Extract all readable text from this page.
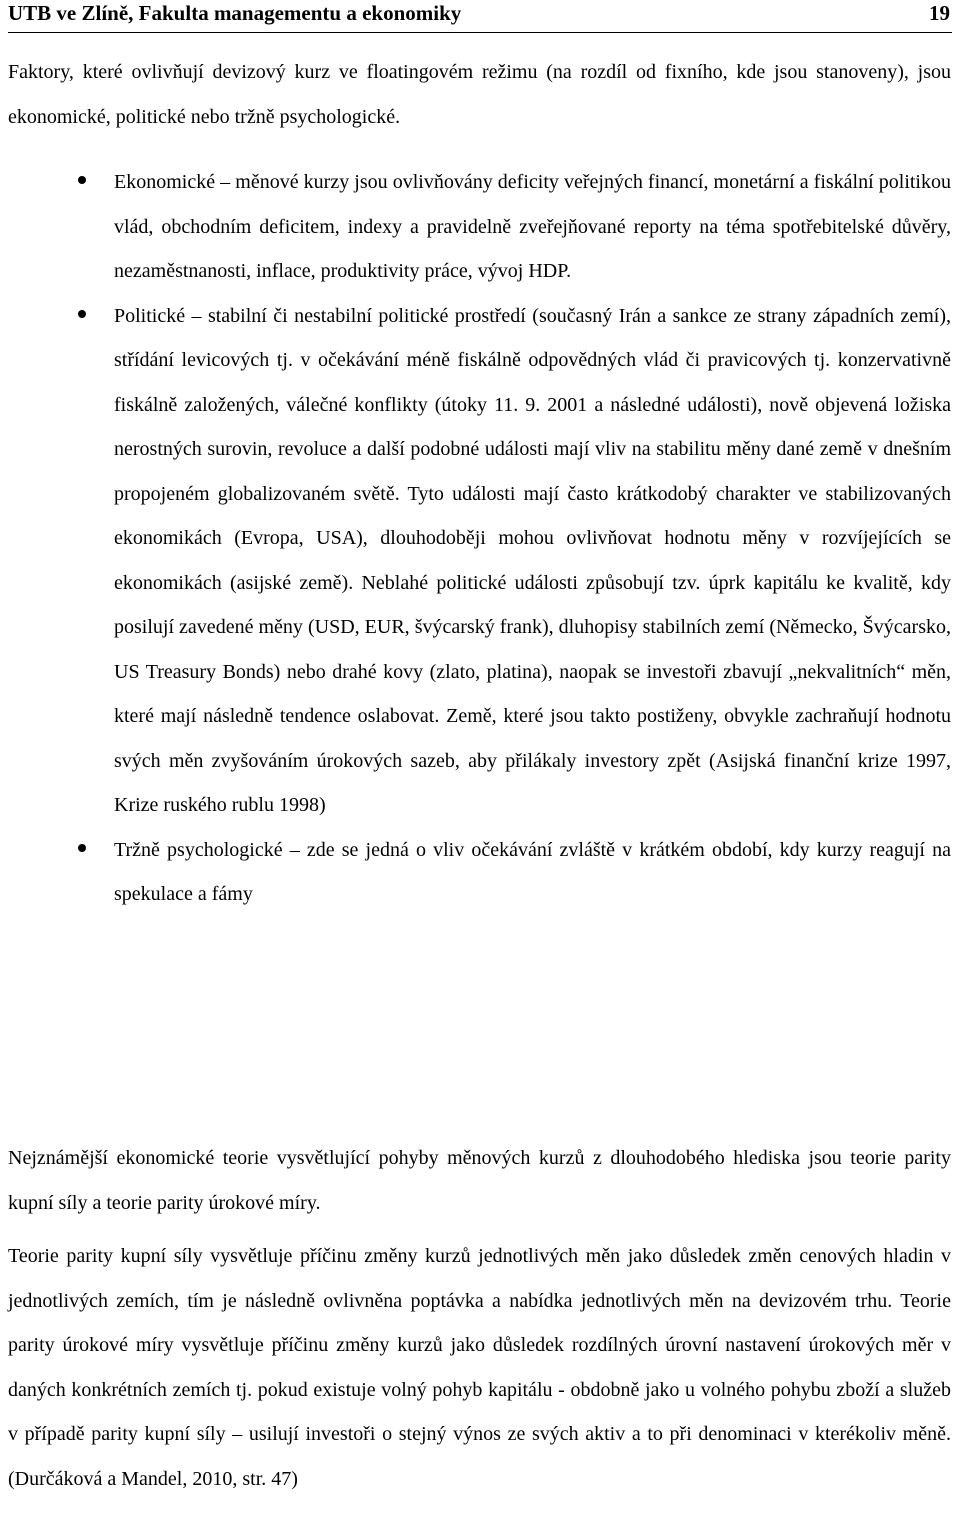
UTB ve Zlíně, Fakulta managementu a ekonomiky	19

Faktory, které ovlivňují devizový kurz ve floatingovém režimu (na rozdíl od fixního, kde jsou stanoveny), jsou ekonomické, politické nebo tržně psychologické.

Ekonomické – měnové kurzy jsou ovlivňovány deficity veřejných financí, monetární a fiskální politikou vlád, obchodním deficitem, indexy a pravidelně zveřejňované reporty na téma spotřebitelské důvěry, nezaměstnanosti, inflace, produktivity práce, vývoj HDP.
Politické – stabilní či nestabilní politické prostředí (současný Irán a sankce ze strany západních zemí), střídání levicových tj. v očekávání méně fiskálně odpovědných vlád či pravicových tj. konzervativně fiskálně založených, válečné konflikty (útoky 11. 9. 2001 a následné události), nově objevená ložiska nerostných surovin, revoluce a další podobné události mají vliv na stabilitu měny dané země v dnešním propojeném globalizovaném světě. Tyto události mají často krátkodobý charakter ve stabilizovaných ekonomikách (Evropa, USA), dlouhodoběji mohou ovlivňovat hodnotu měny v rozvíjejících se ekonomikách (asijské země). Neblahé politické události způsobují tzv. úprk kapitálu ke kvalitě, kdy posilují zavedené měny (USD, EUR, švýcarský frank), dluhopisy stabilních zemí (Německo, Švýcarsko, US Treasury Bonds) nebo drahé kovy (zlato, platina), naopak se investoři zbavují „nekvalitních“ měn, které mají následně tendence oslabovat. Země, které jsou takto postiženy, obvykle zachraňují hodnotu svých měn zvyšováním úrokových sazeb, aby přilákaly investory zpět (Asijská finanční krize 1997, Krize ruského rublu 1998)
Tržně psychologické – zde se jedná o vliv očekávání zvláště v krátkém období, kdy kurzy reagují na spekulace a fámy

Nejznámější ekonomické teorie vysvětlující pohyby měnových kurzů z dlouhodobého hlediska jsou teorie parity kupní síly a teorie parity úrokové míry.

Teorie parity kupní síly vysvětluje příčinu změny kurzů jednotlivých měn jako důsledek změn cenových hladin v jednotlivých zemích, tím je následně ovlivněna poptávka a nabídka jednotlivých měn na devizovém trhu. Teorie parity úrokové míry vysvětluje příčinu změny kurzů jako důsledek rozdílných úrovní nastavení úrokových měr v daných konkrétních zemích tj. pokud existuje volný pohyb kapitálu - obdobně jako u volného pohybu zboží a služeb v případě parity kupní síly – usilují investoři o stejný výnos ze svých aktiv a to při denominaci v kterékoliv měně. (Durčáková a Mandel, 2010, str. 47)
